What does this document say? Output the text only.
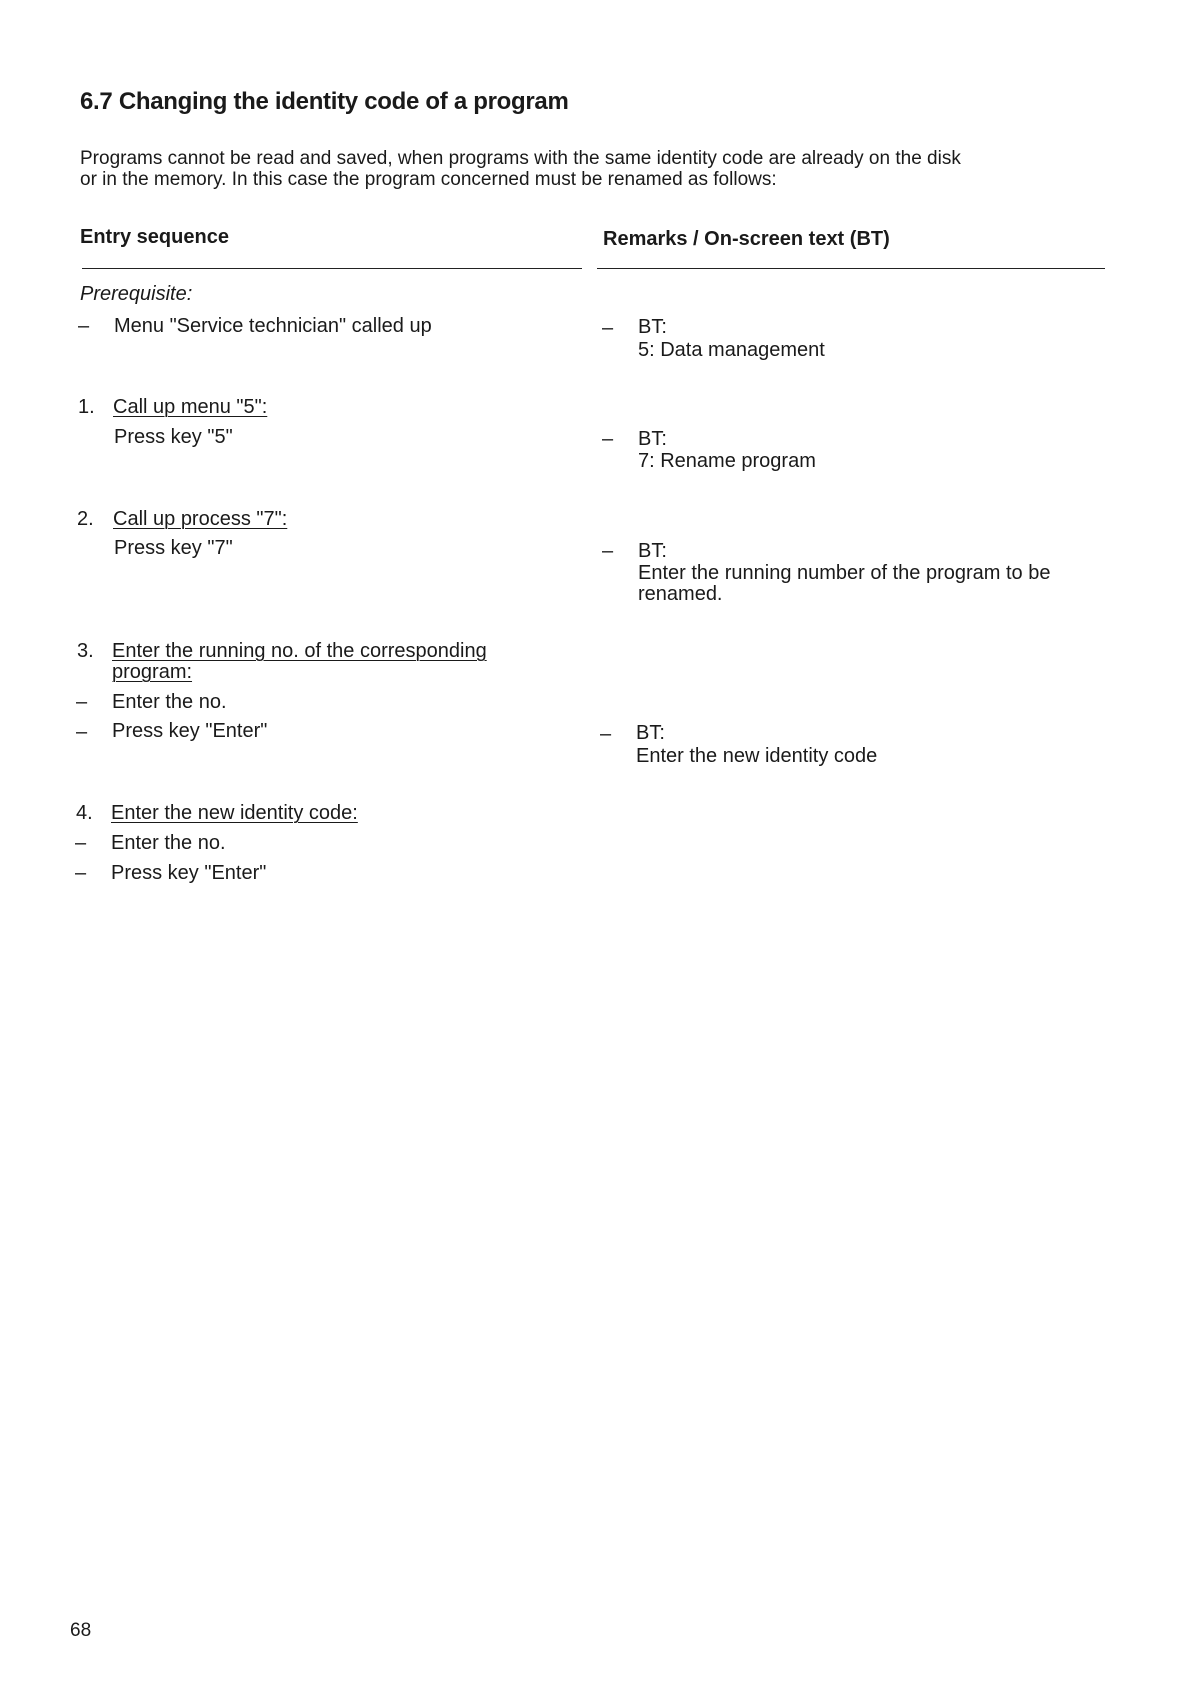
6.7 Changing the identity code of a program
Programs cannot be read and saved, when programs with the same identity code are already on the disk
or in the memory. In this case the program concerned must be renamed as follows:
Entry sequence	Remarks / On-screen text (BT)
Prerequisite:
– Menu "Service technician" called up	– BT:
5: Data management
1. Call up menu "5":
Press key "5"	– BT:
7: Rename program
2. Call up process "7":
Press key "7"	– BT:
Enter the running number of the program to be
renamed.
3. Enter the running no. of the corresponding
program:
– Enter the no.
– Press key "Enter"	– BT:
Enter the new identity code
4. Enter the new identity code:
– Enter the no.
– Press key "Enter"
68
